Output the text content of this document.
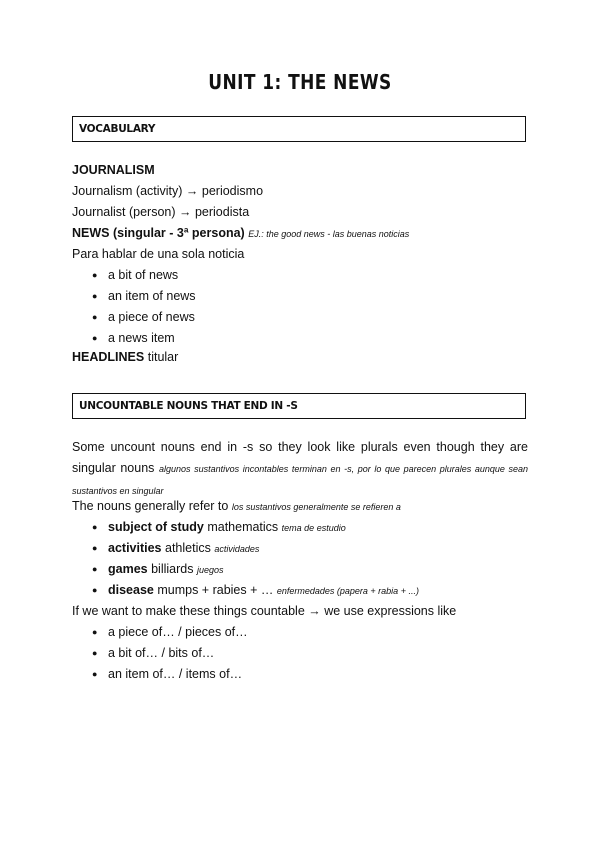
UNIT 1: THE NEWS
VOCABULARY
JOURNALISM
Journalism (activity) → periodismo
Journalist (person) → periodista
NEWS (singular - 3ª persona) EJ.: the good news - las buenas noticias
Para hablar de una sola noticia
● a bit of news
● an item of news
● a piece of news
● a news item
HEADLINES titular
UNCOUNTABLE NOUNS THAT END IN -S
Some uncount nouns end in -s so they look like plurals even though they are singular nouns algunos sustantivos incontables terminan en -s, por lo que parecen plurales aunque sean sustantivos en singular
The nouns generally refer to los sustantivos generalmente se refieren a
● subject of study mathematics tema de estudio
● activities athletics actividades
● games billiards juegos
● disease mumps + rabies + … enfermedades (papera + rabia + ...)
If we want to make these things countable → we use expressions like
● a piece of… / pieces of…
● a bit of… / bits of…
● an item of… / items of…
